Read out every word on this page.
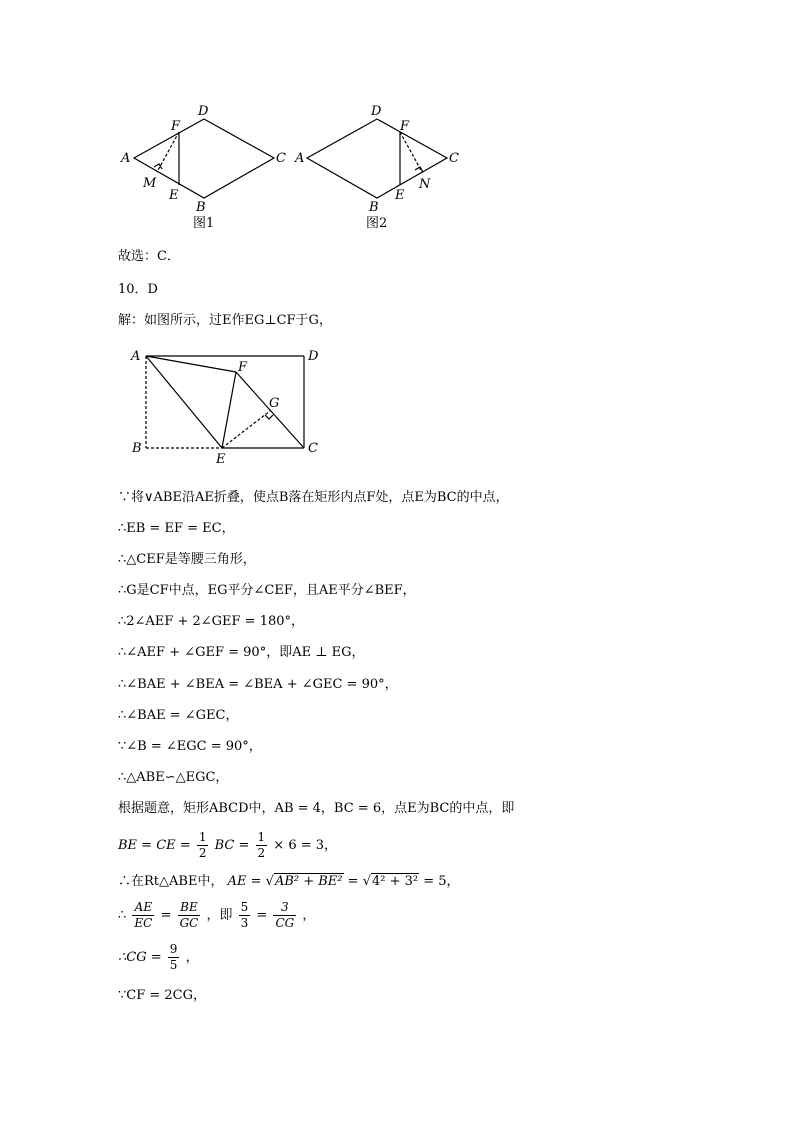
A
D
F
C
M
E
B
图1
A
D
F
C
N
E
B
图2
故选：C．
10．D
解：如图所示，过E作EG⊥CF于G，
A	D
F
G
B
E
C
∵将∨ABE沿AE折叠，使点B落在矩形内点F处，点E为BC的中点，
∴EB = EF = EC，
∴△CEF是等腰三角形，
∴G是CF中点，EG平分∠CEF，且AE平分∠BEF，
∴2∠AEF + 2∠GEF = 180°，
∴∠AEF + ∠GEF = 90°，即AE ⊥ EG，
∴∠BAE + ∠BEA = ∠BEA + ∠GEC = 90°，
∴∠BAE = ∠GEC，
∵∠B = ∠EGC = 90°，
∴△ABE∽△EGC，
根据题意，矩形ABCD中，AB = 4，BC = 6，点E为BC的中点，即
BE = CE = $\frac{1}{2}$ BC = $\frac{1}{2} \times 6 = 3$，
∴在Rt△ABE中， AE = √AB² + BE² = √4² + 3² = 5，
∴ $\frac{AE}{EC} = \frac{BE}{GC}$ ，即 $\frac{5}{3} = \frac{3}{CG}$ ，
∴CG = $\frac{9}{5}$ ，
∵CF = 2CG，
